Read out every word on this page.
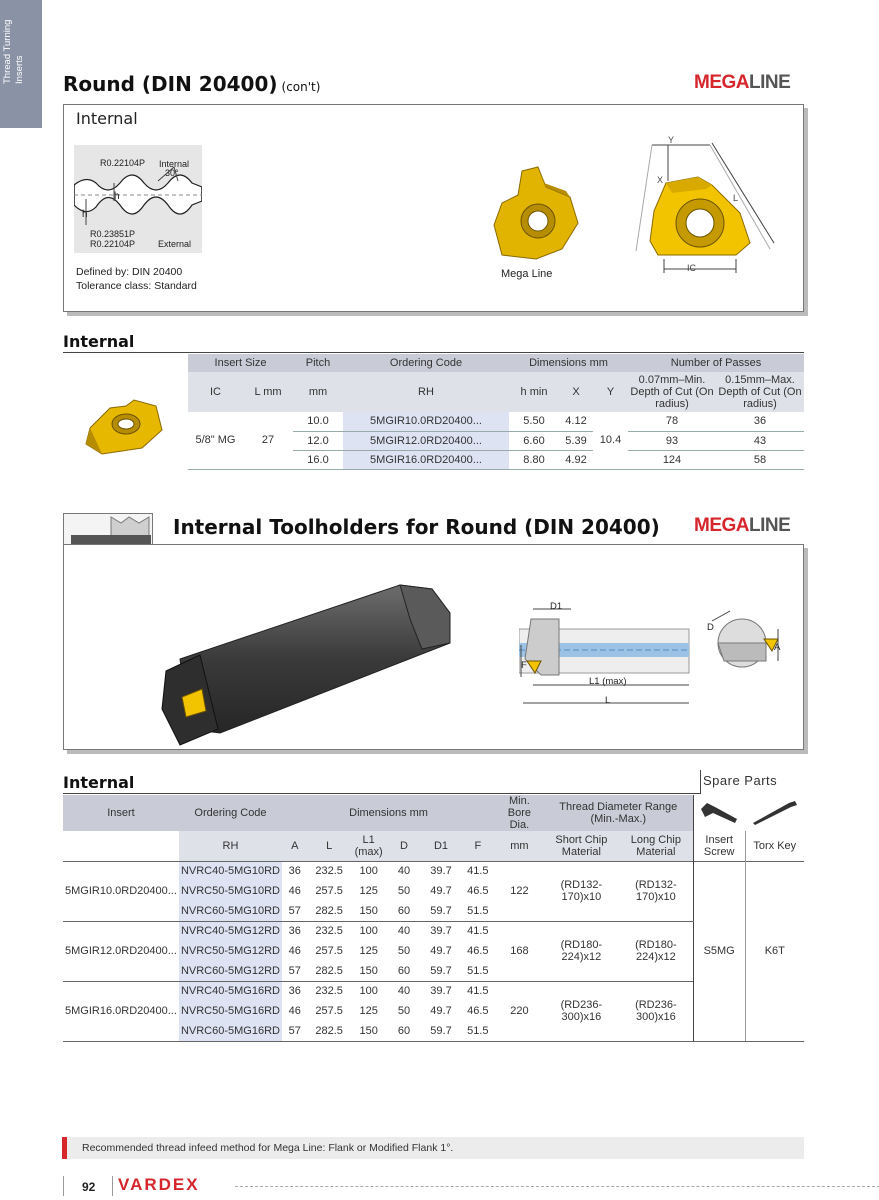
Thread Turning Inserts Round (DIN 20400) (con't)	MEGALINE
Internal
R0.22104P Internal
30°
h
h
R0.23851P
R0.22104P	External
Defined by: DIN 20400
Tolerance class: Standard
Mega Line
Y
X
L
IC
Internal
Insert Size		Pitch	Ordering Code	Dimensions mm			Number of Passes	
IC	L mm	mm	RH	h min	X	Y	0.07mm–Min. Depth of Cut (On radius)	0.15mm–Max. Depth of Cut (On radius)
5/8" MG	27	10.0	5MGIR10.0RD20400...	5.50	4.12	10.4	78	36
		12.0	5MGIR12.0RD20400...	6.60	5.39		93	43
		16.0	5MGIR16.0RD20400...	8.80	4.92		124	58
Internal Toolholders for Round (DIN 20400) MEGALINE
D1
F
L1 (max)
L
D
A
Internal	Spare Parts
Insert	Ordering Code	Dimensions mm						Min. Bore Dia.	Thread Diameter Range (Min.-Max.)		
	RH	A	L	L1 (max)	D	D1	F	mm	Short Chip Material	Long Chip Material	Insert Screw	Torx Key
5MGIR10.0RD20400...	NVRC40-5MG10RD	36	232.5	100	40	39.7	41.5	122	(RD132-170)x10	(RD132-170)x10	S5MG	K6T
	NVRC50-5MG10RD	46	257.5	125	50	49.7	46.5					
	NVRC60-5MG10RD	57	282.5	150	60	59.7	51.5					
5MGIR12.0RD20400...	NVRC40-5MG12RD	36	232.5	100	40	39.7	41.5	168	(RD180-224)x12	(RD180-224)x12		
	NVRC50-5MG12RD	46	257.5	125	50	49.7	46.5					
	NVRC60-5MG12RD	57	282.5	150	60	59.7	51.5					
5MGIR16.0RD20400...	NVRC40-5MG16RD	36	232.5	100	40	39.7	41.5	220	(RD236-300)x16	(RD236-300)x16		
	NVRC50-5MG16RD	46	257.5	125	50	49.7	46.5					
	NVRC60-5MG16RD	57	282.5	150	60	59.7	51.5					
Recommended thread infeed method for Mega Line: Flank or Modified Flank 1°.
92 VARDEX
